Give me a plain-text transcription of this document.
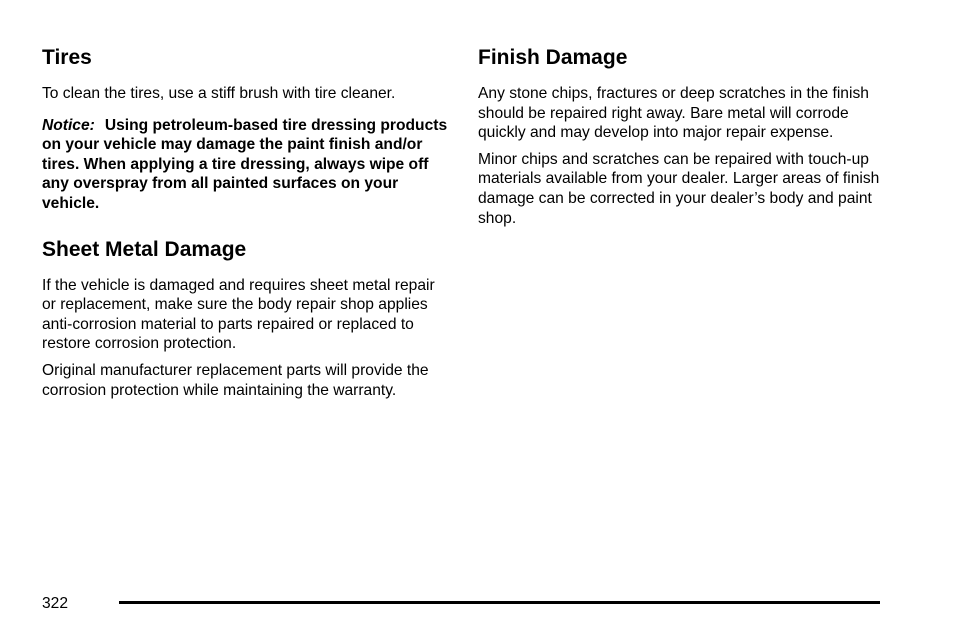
Tires

To clean the tires, use a stiff brush with tire cleaner.

Notice: Using petroleum-based tire dressing products on your vehicle may damage the paint finish and/or tires. When applying a tire dressing, always wipe off any overspray from all painted surfaces on your vehicle.

Sheet Metal Damage

If the vehicle is damaged and requires sheet metal repair or replacement, make sure the body repair shop applies anti-corrosion material to parts repaired or replaced to restore corrosion protection.

Original manufacturer replacement parts will provide the corrosion protection while maintaining the warranty.

Finish Damage

Any stone chips, fractures or deep scratches in the finish should be repaired right away. Bare metal will corrode quickly and may develop into major repair expense.

Minor chips and scratches can be repaired with touch-up materials available from your dealer. Larger areas of finish damage can be corrected in your dealer’s body and paint shop.

322
